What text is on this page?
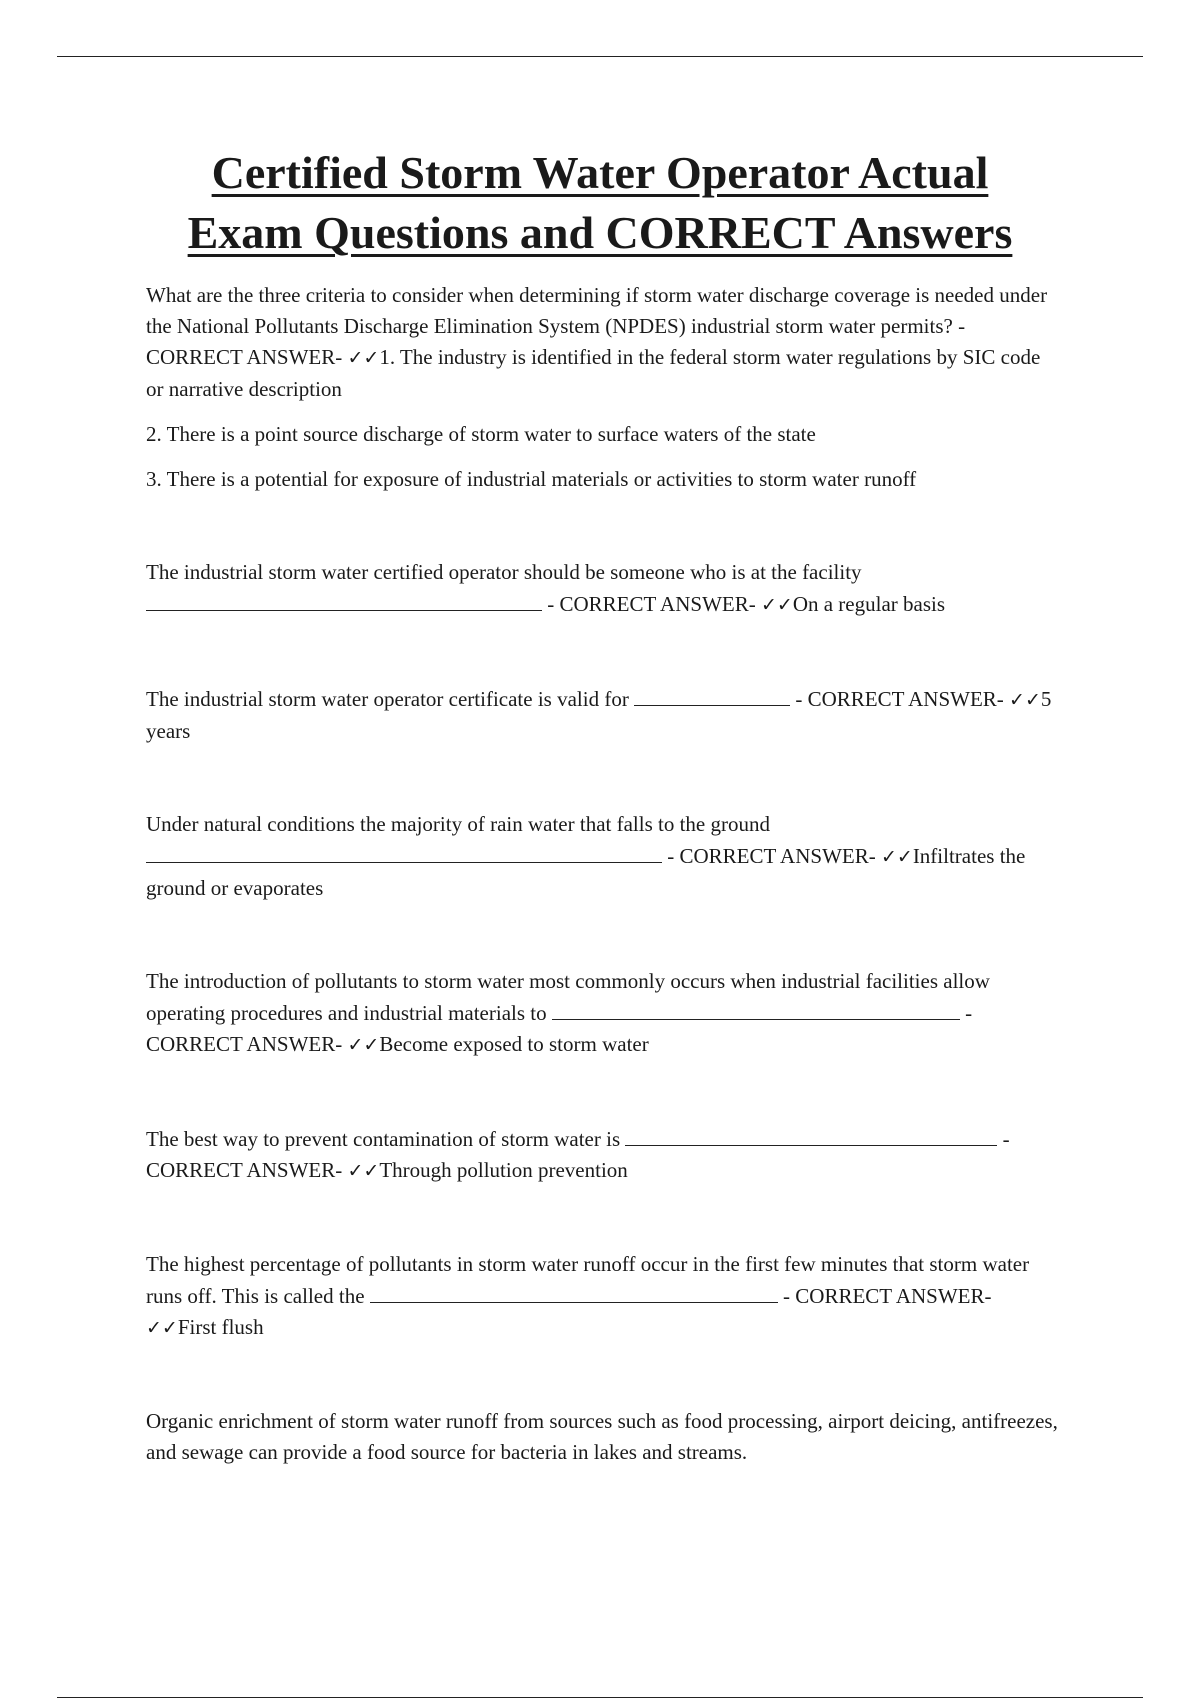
Certified Storm Water Operator Actual
Exam Questions and CORRECT Answers

What are the three criteria to consider when determining if storm water discharge coverage is needed under the National Pollutants Discharge Elimination System (NPDES) industrial storm water permits? - CORRECT ANSWER- ✓✓1. The industry is identified in the federal storm water regulations by SIC code or narrative description

2. There is a point source discharge of storm water to surface waters of the state

3. There is a potential for exposure of industrial materials or activities to storm water runoff

The industrial storm water certified operator should be someone who is at the facility  - CORRECT ANSWER- ✓✓On a regular basis

The industrial storm water operator certificate is valid for	- CORRECT ANSWER- ✓✓5 years

Under natural conditions the majority of rain water that falls to the ground  - CORRECT ANSWER- ✓✓Infiltrates the ground or evaporates

The introduction of pollutants to storm water most commonly occurs when industrial facilities allow operating procedures and industrial materials to	- CORRECT ANSWER- ✓✓Become exposed to storm water

The best way to prevent contamination of storm water is	- CORRECT ANSWER- ✓✓Through pollution prevention

The highest percentage of pollutants in storm water runoff occur in the first few minutes that storm water runs off. This is called the	- CORRECT ANSWER- ✓✓First flush

Organic enrichment of storm water runoff from sources such as food processing, airport deicing, antifreezes, and sewage can provide a food source for bacteria in lakes and streams.
